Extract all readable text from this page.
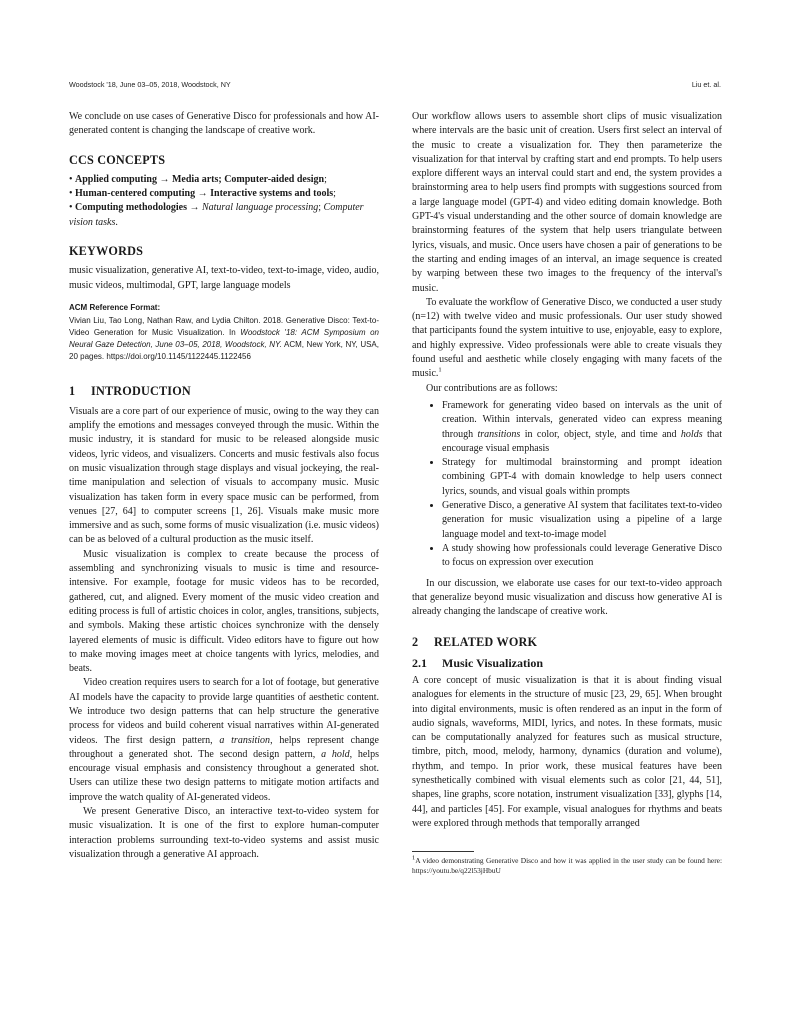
Woodstock '18, June 03–05, 2018, Woodstock, NY	Liu et. al.

We conclude on use cases of Generative Disco for professionals and how AI-generated content is changing the landscape of creative work.

CCS CONCEPTS
• Applied computing → Media arts; Computer-aided design;
• Human-centered computing → Interactive systems and tools;
• Computing methodologies → Natural language processing; Computer vision tasks.
KEYWORDS

music visualization, generative AI, text-to-video, text-to-image, video, audio, music videos, multimodal, GPT, large language models

ACM Reference Format:
Vivian Liu, Tao Long, Nathan Raw, and Lydia Chilton. 2018. Generative Disco: Text-to-Video Generation for Music Visualization. In Woodstock '18: ACM Symposium on Neural Gaze Detection, June 03–05, 2018, Woodstock, NY. ACM, New York, NY, USA, 20 pages. https://doi.org/10.1145/1122445.1122456
1 INTRODUCTION

Visuals are a core part of our experience of music, owing to the way they can amplify the emotions and messages conveyed through the music. Within the music industry, it is standard for music to be released alongside music videos, lyric videos, and visualizers. Concerts and music festivals also focus on music visualization through stage displays and visual jockeying, the real-time manipulation and selection of visuals to accompany music. Music visualization has taken form in every space music can be performed, from venues [27, 64] to computer screens [1, 26]. Visuals make music more immersive and as such, some forms of music visualization (i.e. music videos) can be as beloved of a cultural production as the music itself.

Music visualization is complex to create because the process of assembling and synchronizing visuals to music is time and resource-intensive. For example, footage for music videos has to be recorded, gathered, cut, and aligned. Every moment of the music video creation and editing process is full of artistic choices in color, angles, transitions, subjects, and symbols. Making these artistic choices synchronize with the densely layered elements of music is difficult. Video editors have to figure out how to make moving images meet at choice tangents with lyrics, melodies, and beats.

Video creation requires users to search for a lot of footage, but generative AI models have the capacity to provide large quantities of aesthetic content. We introduce two design patterns that can help structure the generative process for videos and build coherent visual narratives within AI-generated videos. The first design pattern, a transition, helps represent change throughout a generated shot. The second design pattern, a hold, helps encourage visual emphasis and consistency throughout a generated shot. Users can utilize these two design patterns to mitigate motion artifacts and improve the watch quality of AI-generated videos.

We present Generative Disco, an interactive text-to-video system for music visualization. It is one of the first to explore human-computer interaction problems surrounding text-to-video systems and assist music visualization through a generative AI approach.

Our workflow allows users to assemble short clips of music visualization where intervals are the basic unit of creation. Users first select an interval of the music to create a visualization for. They then parameterize the visualization for that interval by crafting start and end prompts. To help users explore different ways an interval could start and end, the system provides a brainstorming area to help users find prompts with suggestions sourced from a large language model (GPT-4) and video editing domain knowledge. Both GPT-4's visual understanding and the other source of domain knowledge are brainstorming features of the system that help users triangulate between lyrics, visuals, and music. Once users have chosen a pair of generations to be the starting and ending images of an interval, an image sequence is created by warping between these two images to the frequency of the interval's music.

To evaluate the workflow of Generative Disco, we conducted a user study (n=12) with twelve video and music professionals. Our user study showed that participants found the system intuitive to use, enjoyable, easy to explore, and highly expressive. Video professionals were able to create visuals they found useful and aesthetic while closely engaging with many facets of the music.$^1$

Our contributions are as follows:

• Framework for generating video based on intervals as the unit of creation. Within intervals, generated video can express meaning through transitions in color, object, style, and time and holds that encourage visual emphasis
• Strategy for multimodal brainstorming and prompt ideation combining GPT-4 with domain knowledge to help users connect lyrics, sounds, and visual goals within prompts
• Generative Disco, a generative AI system that facilitates text-to-video generation for music visualization using a pipeline of a large language model and text-to-image model
• A study showing how professionals could leverage Generative Disco to focus on expression over execution

In our discussion, we elaborate use cases for our text-to-video approach that generalize beyond music visualization and discuss how generative AI is already changing the landscape of creative work.

2 RELATED WORK
2.1 Music Visualization

A core concept of music visualization is that it is about finding visual analogues for elements in the structure of music [23, 29, 65]. When brought into digital environments, music is often rendered as an input in the form of audio signals, waveforms, MIDI, lyrics, and notes. In these formats, music can be computationally analyzed for features such as musical structure, timbre, pitch, mood, melody, harmony, dynamics (duration and volume), rhythm, and tempo. In prior work, these musical features have been synesthetically combined with visual elements such as color [21, 44, 51], shapes, line graphs, score notation, instrument visualization [33], glyphs [14, 44], and particles [45]. For example, visual analogues for rhythms and beats were explored through methods that temporally arranged

$^1$A video demonstrating Generative Disco and how it was applied in the user study can be found here: https://youtu.be/q22l53jHbuU
